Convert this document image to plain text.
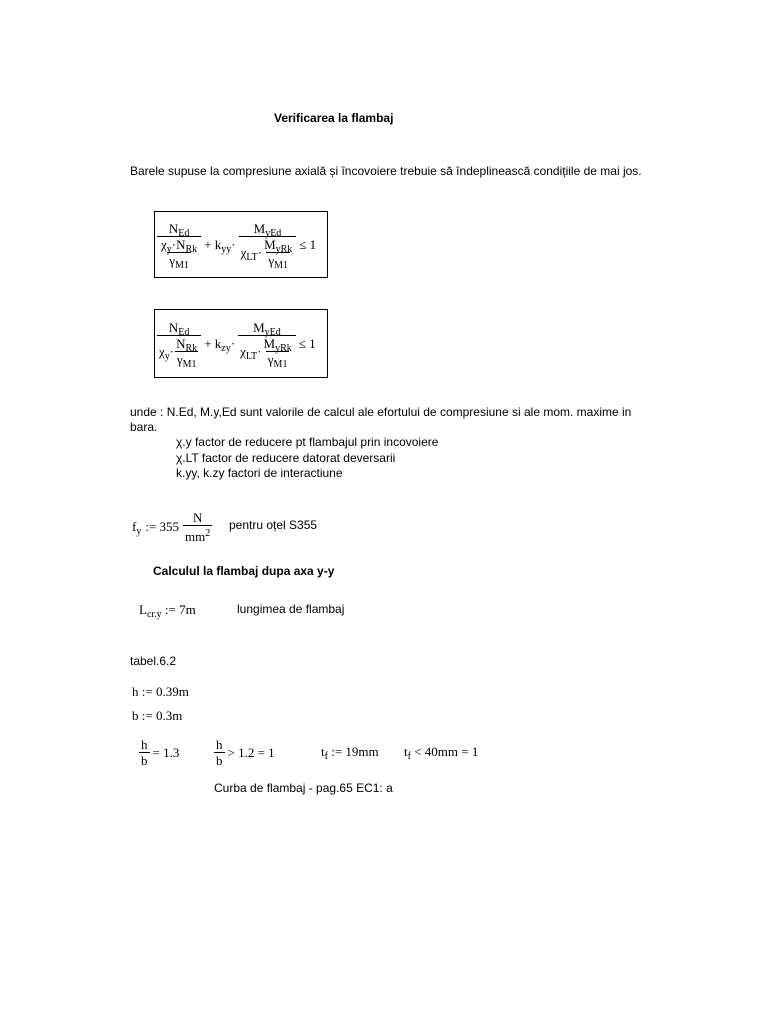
Verificarea la flambaj
Barele supuse la compresiune axială și încovoiere trebuie să îndeplinească condițiile de mai jos.
$\frac{N_{Ed}}{\frac{\chi_y\cdot N_{Rk}}{\gamma_{M1}}} + k_{yy}\cdot \frac{M_{yEd}}{\chi_{LT}\cdot \frac{M_{yRk}}{\gamma_{M1}}} \le 1$
$\frac{N_{Ed}}{\chi_y\cdot \frac{N_{Rk}}{\gamma_{M1}}} + k_{zy}\cdot \frac{M_{yEd}}{\chi_{LT}\cdot \frac{M_{yRk}}{\gamma_{M1}}} \le 1$
unde : N.Ed, M.y,Ed sunt valorile de calcul ale efortului de compresiune si ale mom. maxime in bara.
χ.y factor de reducere pt flambajul prin incovoiere
χ.LT factor de reducere datorat deversarii
k.yy, k.zy factori de interactiune
$f_y$ := $355 \frac{N}{mm^2}$ pentru oțel S355
Calculul la flambaj dupa axa y-y
$L_{cr.y}$ := 7m	lungimea de flambaj
tabel.6.2
h := 0.39m
b := 0.3m
$\frac{h}{b} = 1.3$	$\frac{h}{b} > 1.2 = 1$	$t_f$ := 19mm $t_f < 40mm = 1$
Curba de flambaj - pag.65 EC1: a
